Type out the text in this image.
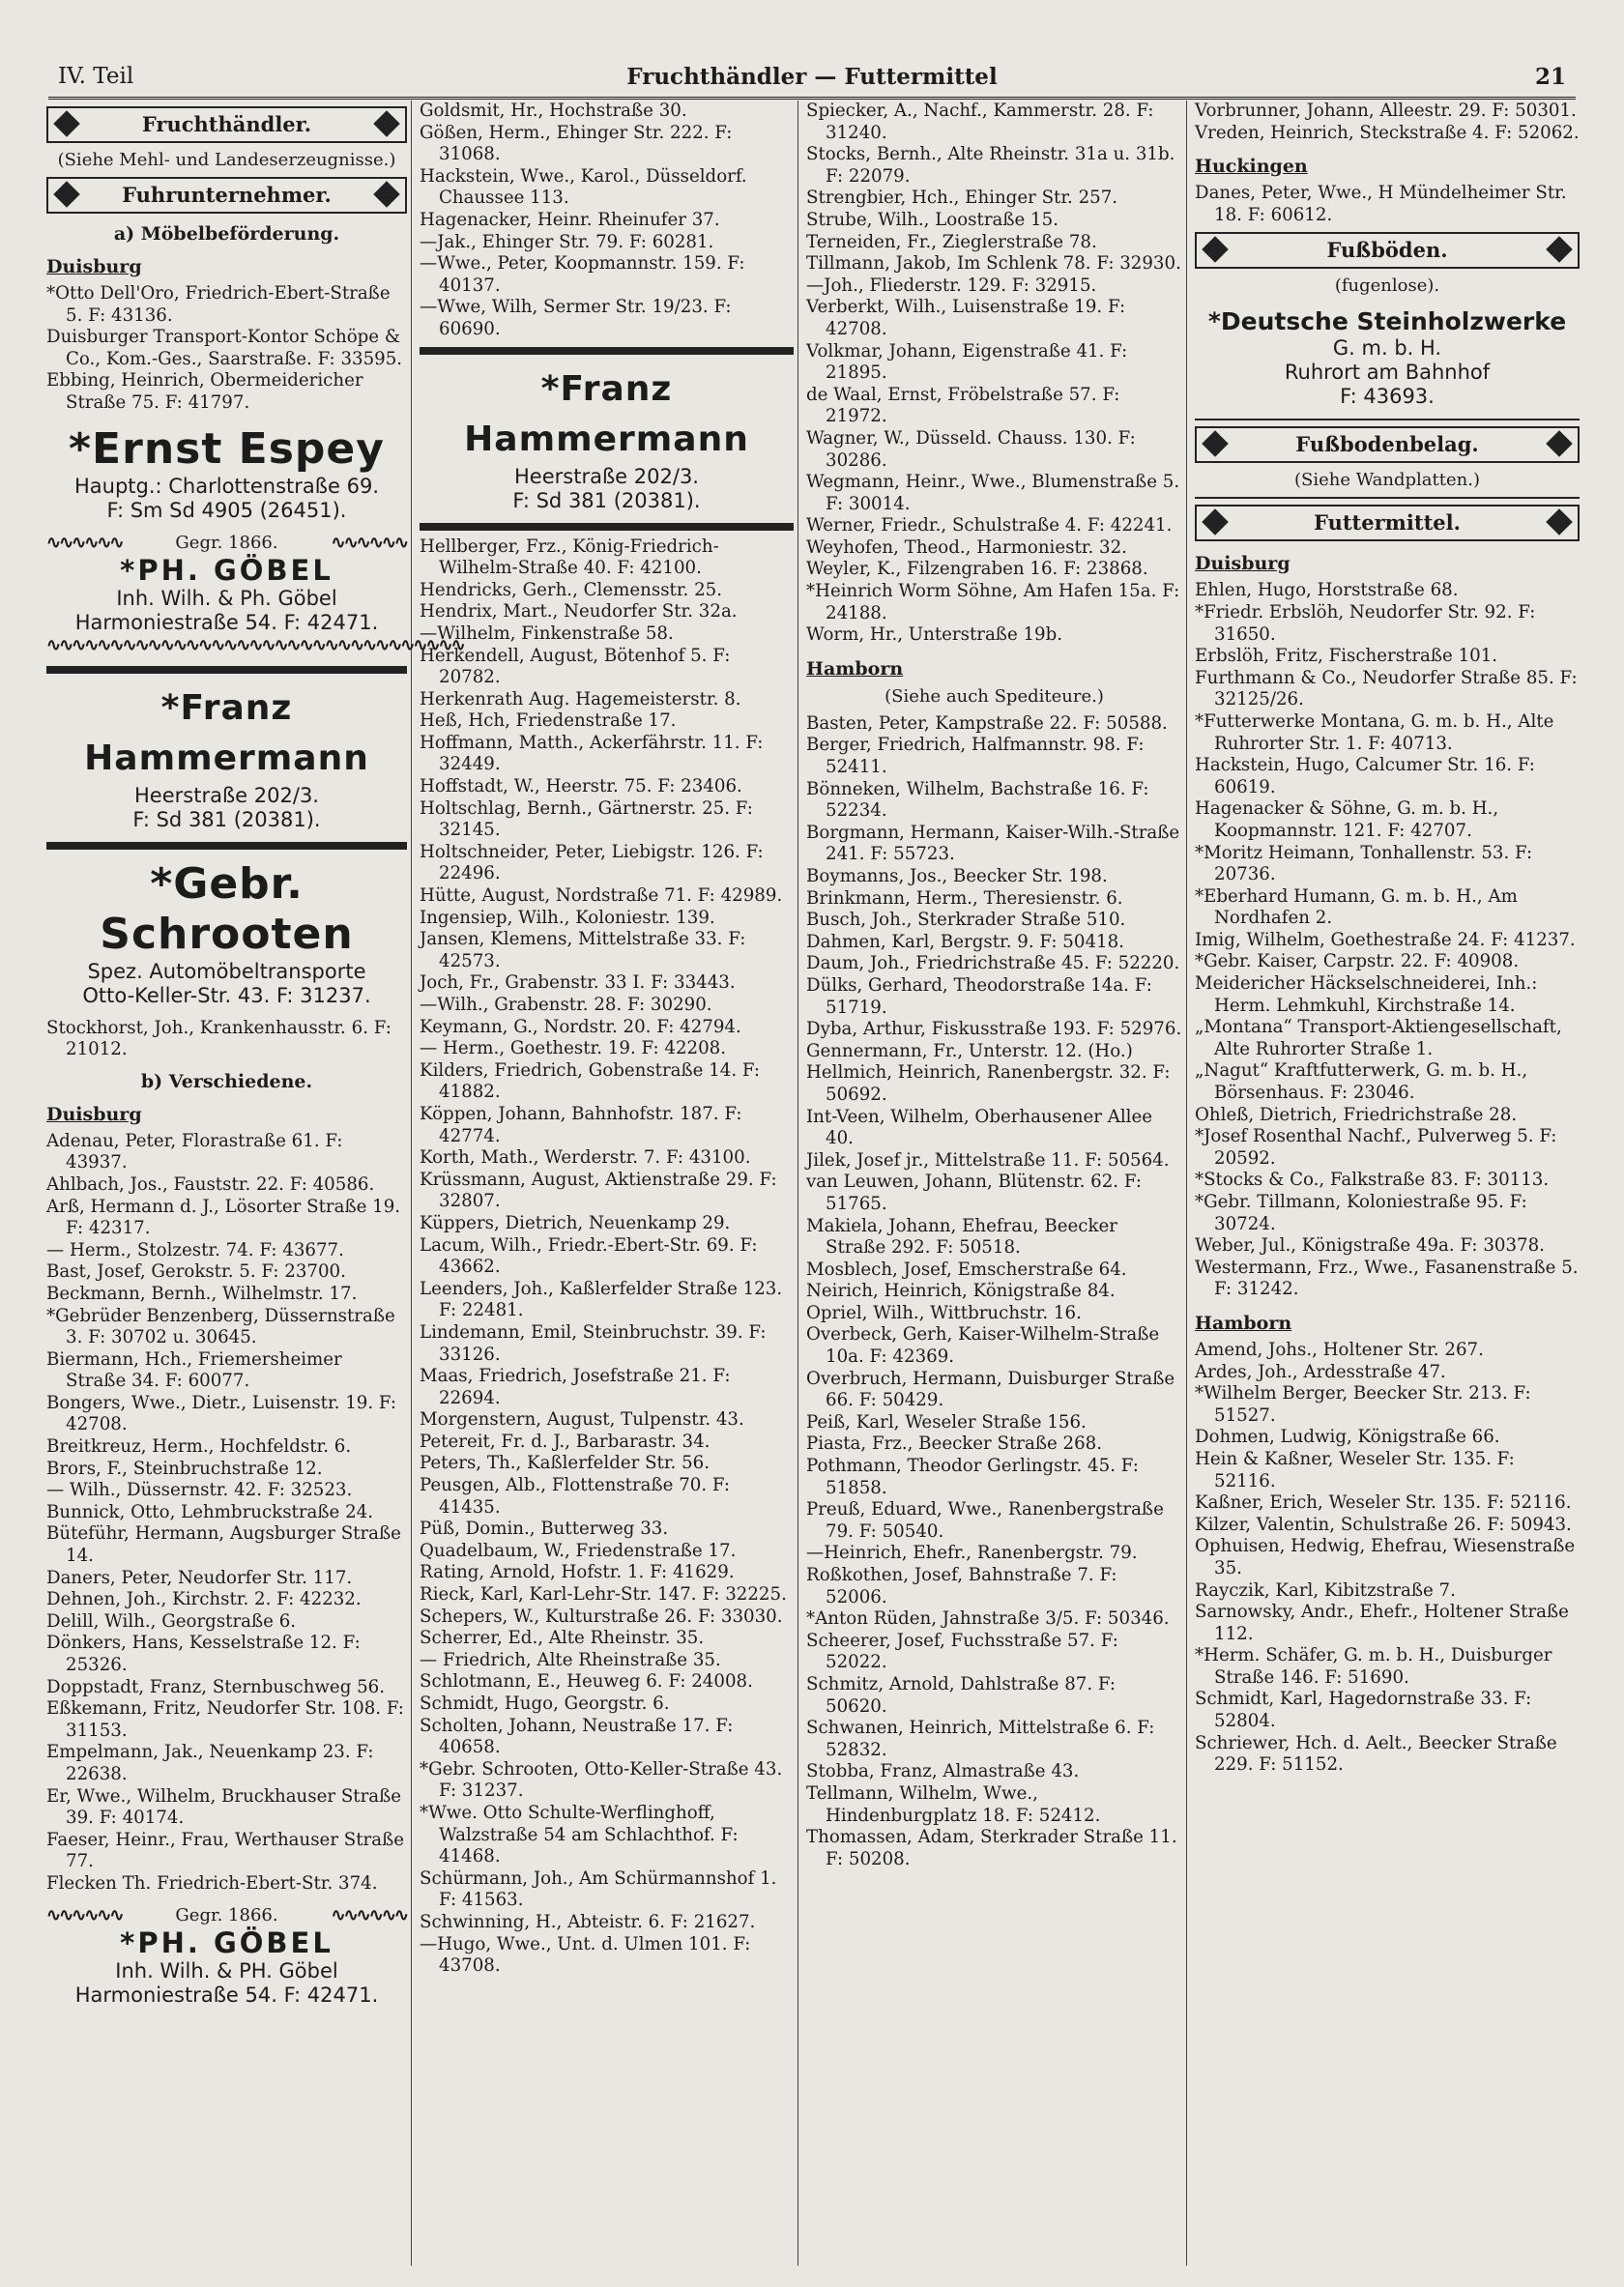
IV. Teil	Fruchthändler — Futtermittel	21
Fruchthändler.
(Siehe Mehl- und Landeserzeugnisse.)
Fuhrunternehmer.
a) Möbelbeförderung.
Duisburg
*Otto Dell'Oro, Friedrich-Ebert-Straße 5. F: 43136.
Duisburger Transport-Kontor Schöpe & Co., Kom.-Ges., Saarstraße. F: 33595.
Ebbing, Heinrich, Obermeidericher Straße 75. F: 41797.
*Ernst Espey
Hauptg.: Charlottenstraße 69.
F: Sm Sd 4905 (26451).
∿∿∿∿∿∿	Gegr. 1866.	∿∿∿∿∿∿
*PH. GÖBEL
Inh. Wilh. & Ph. Göbel
Harmoniestraße 54. F: 42471.
∿∿∿∿∿∿∿∿∿∿∿∿∿∿∿∿∿∿∿∿∿∿∿∿∿∿∿∿∿∿∿∿∿
*Franz Hammermann
Heerstraße 202/3.
F: Sd 381 (20381).
*Gebr. Schrooten
Spez. Automöbeltransporte
Otto-Keller-Str. 43. F: 31237.
Stockhorst, Joh., Krankenhausstr. 6. F: 21012.
b) Verschiedene.
Duisburg
Adenau, Peter, Florastraße 61. F: 43937.
Ahlbach, Jos., Fauststr. 22. F: 40586.
Arß, Hermann d. J., Lösorter Straße 19. F: 42317.
— Herm., Stolzestr. 74. F: 43677.
Bast, Josef, Gerokstr. 5. F: 23700.
Beckmann, Bernh., Wilhelmstr. 17.
*Gebrüder Benzenberg, Düssernstraße 3. F: 30702 u. 30645.
Biermann, Hch., Friemersheimer Straße 34. F: 60077.
Bongers, Wwe., Dietr., Luisenstr. 19. F: 42708.
Breitkreuz, Herm., Hochfeldstr. 6.
Brors, F., Steinbruchstraße 12.
— Wilh., Düssernstr. 42. F: 32523.
Bunnick, Otto, Lehmbruckstraße 24.
Büteführ, Hermann, Augsburger Straße 14.
Daners, Peter, Neudorfer Str. 117.
Dehnen, Joh., Kirchstr. 2. F: 42232.
Delill, Wilh., Georgstraße 6.
Dönkers, Hans, Kesselstraße 12. F: 25326.
Doppstadt, Franz, Sternbuschweg 56.
Eßkemann, Fritz, Neudorfer Str. 108. F: 31153.
Empelmann, Jak., Neuenkamp 23. F: 22638.
Er, Wwe., Wilhelm, Bruckhauser Straße 39. F: 40174.
Faeser, Heinr., Frau, Werthauser Straße 77.
Flecken Th. Friedrich-Ebert-Str. 374.
∿∿∿∿∿∿	Gegr. 1866.	∿∿∿∿∿∿
*PH. GÖBEL
Inh. Wilh. & PH. Göbel
Harmoniestraße 54. F: 42471.
Goldsmit, Hr., Hochstraße 30.
Gößen, Herm., Ehinger Str. 222. F: 31068.
Hackstein, Wwe., Karol., Düsseldorf. Chaussee 113.
Hagenacker, Heinr. Rheinufer 37.
—Jak., Ehinger Str. 79. F: 60281.
—Wwe., Peter, Koopmannstr. 159. F: 40137.
—Wwe, Wilh, Sermer Str. 19/23. F: 60690.
*Franz Hammermann
Heerstraße 202/3.
F: Sd 381 (20381).
Hellberger, Frz., König-Friedrich-Wilhelm-Straße 40. F: 42100.
Hendricks, Gerh., Clemensstr. 25.
Hendrix, Mart., Neudorfer Str. 32a.
—Wilhelm, Finkenstraße 58.
Herkendell, August, Bötenhof 5. F: 20782.
Herkenrath Aug. Hagemeisterstr. 8.
Heß, Hch, Friedenstraße 17.
Hoffmann, Matth., Ackerfährstr. 11. F: 32449.
Hoffstadt, W., Heerstr. 75. F: 23406.
Holtschlag, Bernh., Gärtnerstr. 25. F: 32145.
Holtschneider, Peter, Liebigstr. 126. F: 22496.
Hütte, August, Nordstraße 71. F: 42989.
Ingensiep, Wilh., Koloniestr. 139.
Jansen, Klemens, Mittelstraße 33. F: 42573.
Joch, Fr., Grabenstr. 33 I. F: 33443.
—Wilh., Grabenstr. 28. F: 30290.
Keymann, G., Nordstr. 20. F: 42794.
— Herm., Goethestr. 19. F: 42208.
Kilders, Friedrich, Gobenstraße 14. F: 41882.
Köppen, Johann, Bahnhofstr. 187. F: 42774.
Korth, Math., Werderstr. 7. F: 43100.
Krüssmann, August, Aktienstraße 29. F: 32807.
Küppers, Dietrich, Neuenkamp 29.
Lacum, Wilh., Friedr.-Ebert-Str. 69. F: 43662.
Leenders, Joh., Kaßlerfelder Straße 123. F: 22481.
Lindemann, Emil, Steinbruchstr. 39. F: 33126.
Maas, Friedrich, Josefstraße 21. F: 22694.
Morgenstern, August, Tulpenstr. 43.
Petereit, Fr. d. J., Barbarastr. 34.
Peters, Th., Kaßlerfelder Str. 56.
Peusgen, Alb., Flottenstraße 70. F: 41435.
Püß, Domin., Butterweg 33.
Quadelbaum, W., Friedenstraße 17.
Rating, Arnold, Hofstr. 1. F: 41629.
Rieck, Karl, Karl-Lehr-Str. 147. F: 32225.
Schepers, W., Kulturstraße 26. F: 33030.
Scherrer, Ed., Alte Rheinstr. 35.
— Friedrich, Alte Rheinstraße 35.
Schlotmann, E., Heuweg 6. F: 24008.
Schmidt, Hugo, Georgstr. 6.
Scholten, Johann, Neustraße 17. F: 40658.
*Gebr. Schrooten, Otto-Keller-Straße 43. F: 31237.
*Wwe. Otto Schulte-Werflinghoff, Walzstraße 54 am Schlachthof. F: 41468.
Schürmann, Joh., Am Schürmannshof 1. F: 41563.
Schwinning, H., Abteistr. 6. F: 21627.
—Hugo, Wwe., Unt. d. Ulmen 101. F: 43708.
Spiecker, A., Nachf., Kammerstr. 28. F: 31240.
Stocks, Bernh., Alte Rheinstr. 31a u. 31b. F: 22079.
Strengbier, Hch., Ehinger Str. 257.
Strube, Wilh., Loostraße 15.
Terneiden, Fr., Zieglerstraße 78.
Tillmann, Jakob, Im Schlenk 78. F: 32930.
—Joh., Fliederstr. 129. F: 32915.
Verberkt, Wilh., Luisenstraße 19. F: 42708.
Volkmar, Johann, Eigenstraße 41. F: 21895.
de Waal, Ernst, Fröbelstraße 57. F: 21972.
Wagner, W., Düsseld. Chauss. 130. F: 30286.
Wegmann, Heinr., Wwe., Blumenstraße 5. F: 30014.
Werner, Friedr., Schulstraße 4. F: 42241.
Weyhofen, Theod., Harmoniestr. 32.
Weyler, K., Filzengraben 16. F: 23868.
*Heinrich Worm Söhne, Am Hafen 15a. F: 24188.
Worm, Hr., Unterstraße 19b.
Hamborn
(Siehe auch Spediteure.)
Basten, Peter, Kampstraße 22. F: 50588.
Berger, Friedrich, Halfmannstr. 98. F: 52411.
Bönneken, Wilhelm, Bachstraße 16. F: 52234.
Borgmann, Hermann, Kaiser-Wilh.-Straße 241. F: 55723.
Boymanns, Jos., Beecker Str. 198.
Brinkmann, Herm., Theresienstr. 6.
Busch, Joh., Sterkrader Straße 510.
Dahmen, Karl, Bergstr. 9. F: 50418.
Daum, Joh., Friedrichstraße 45. F: 52220.
Dülks, Gerhard, Theodorstraße 14a. F: 51719.
Dyba, Arthur, Fiskusstraße 193. F: 52976.
Gennermann, Fr., Unterstr. 12. (Ho.)
Hellmich, Heinrich, Ranenbergstr. 32. F: 50692.
Int-Veen, Wilhelm, Oberhausener Allee 40.
Jilek, Josef jr., Mittelstraße 11. F: 50564.
van Leuwen, Johann, Blütenstr. 62. F: 51765.
Makiela, Johann, Ehefrau, Beecker Straße 292. F: 50518.
Mosblech, Josef, Emscherstraße 64.
Neirich, Heinrich, Königstraße 84.
Opriel, Wilh., Wittbruchstr. 16.
Overbeck, Gerh, Kaiser-Wilhelm-Straße 10a. F: 42369.
Overbruch, Hermann, Duisburger Straße 66. F: 50429.
Peiß, Karl, Weseler Straße 156.
Piasta, Frz., Beecker Straße 268.
Pothmann, Theodor Gerlingstr. 45. F: 51858.
Preuß, Eduard, Wwe., Ranenbergstraße 79. F: 50540.
—Heinrich, Ehefr., Ranenbergstr. 79.
Roßkothen, Josef, Bahnstraße 7. F: 52006.
*Anton Rüden, Jahnstraße 3/5. F: 50346.
Scheerer, Josef, Fuchsstraße 57. F: 52022.
Schmitz, Arnold, Dahlstraße 87. F: 50620.
Schwanen, Heinrich, Mittelstraße 6. F: 52832.
Stobba, Franz, Almastraße 43.
Tellmann, Wilhelm, Wwe., Hindenburgplatz 18. F: 52412.
Thomassen, Adam, Sterkrader Straße 11. F: 50208.
Vorbrunner, Johann, Alleestr. 29. F: 50301.
Vreden, Heinrich, Steckstraße 4. F: 52062.
Huckingen
Danes, Peter, Wwe., H Mündelheimer Str. 18. F: 60612.
Fußböden.
(fugenlose).
*Deutsche Steinholzwerke
G. m. b. H.
Ruhrort am Bahnhof
F: 43693.
Fußbodenbelag.
(Siehe Wandplatten.)
Futtermittel.
Duisburg
Ehlen, Hugo, Horststraße 68.
*Friedr. Erbslöh, Neudorfer Str. 92. F: 31650.
Erbslöh, Fritz, Fischerstraße 101.
Furthmann & Co., Neudorfer Straße 85. F: 32125/26.
*Futterwerke Montana, G. m. b. H., Alte Ruhrorter Str. 1. F: 40713.
Hackstein, Hugo, Calcumer Str. 16. F: 60619.
Hagenacker & Söhne, G. m. b. H., Koopmannstr. 121. F: 42707.
*Moritz Heimann, Tonhallenstr. 53. F: 20736.
*Eberhard Humann, G. m. b. H., Am Nordhafen 2.
Imig, Wilhelm, Goethestraße 24. F: 41237.
*Gebr. Kaiser, Carpstr. 22. F: 40908.
Meidericher Häckselschneiderei, Inh.: Herm. Lehmkuhl, Kirchstraße 14.
„Montana“ Transport-Aktiengesellschaft, Alte Ruhrorter Straße 1.
„Nagut“ Kraftfutterwerk, G. m. b. H., Börsenhaus. F: 23046.
Ohleß, Dietrich, Friedrichstraße 28.
*Josef Rosenthal Nachf., Pulverweg 5. F: 20592.
*Stocks & Co., Falkstraße 83. F: 30113.
*Gebr. Tillmann, Koloniestraße 95. F: 30724.
Weber, Jul., Königstraße 49a. F: 30378.
Westermann, Frz., Wwe., Fasanenstraße 5. F: 31242.
Hamborn
Amend, Johs., Holtener Str. 267.
Ardes, Joh., Ardesstraße 47.
*Wilhelm Berger, Beecker Str. 213. F: 51527.
Dohmen, Ludwig, Königstraße 66.
Hein & Kaßner, Weseler Str. 135. F: 52116.
Kaßner, Erich, Weseler Str. 135. F: 52116.
Kilzer, Valentin, Schulstraße 26. F: 50943.
Ophuisen, Hedwig, Ehefrau, Wiesenstraße 35.
Rayczik, Karl, Kibitzstraße 7.
Sarnowsky, Andr., Ehefr., Holtener Straße 112.
*Herm. Schäfer, G. m. b. H., Duisburger Straße 146. F: 51690.
Schmidt, Karl, Hagedornstraße 33. F: 52804.
Schriewer, Hch. d. Aelt., Beecker Straße 229. F: 51152.
